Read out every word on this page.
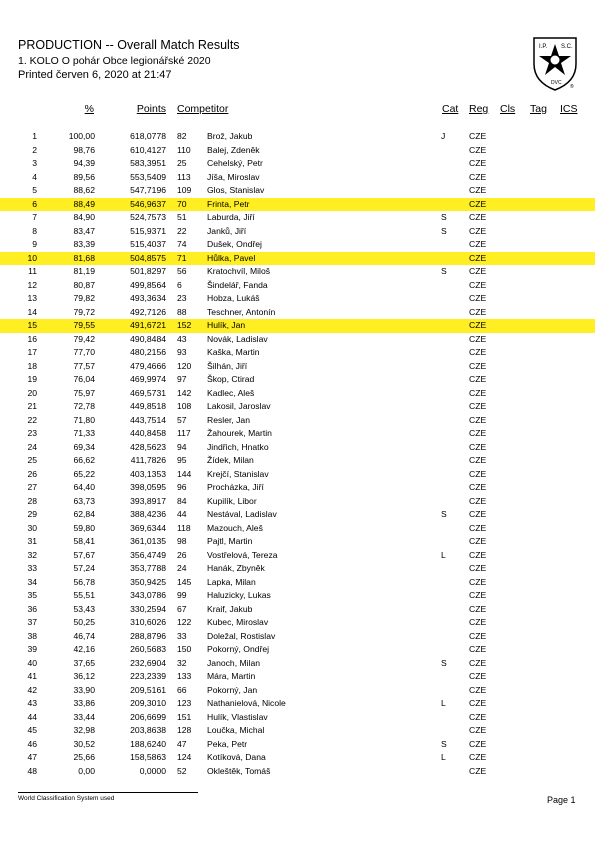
PRODUCTION -- Overall Match Results
1. KOLO O pohár Obce legionářské 2020
Printed červen 6, 2020 at 21:47
I.P. S.C.
DVC
®
%	Points Competitor	Cat Reg Cls Tag ICS
1	100,00	618,0778 82 Brož, Jakub	J	CZE
2	98,76	610,4127 110 Balej, Zdeněk	CZE
3	94,39	583,3951 25 Cehelský, Petr	CZE
4	89,56	553,5409 113 Jíša, Miroslav	CZE
5	88,62	547,7196 109 Glos, Stanislav	CZE
6	88,49	546,9637 70 Frinta, Petr	CZE
7	84,90	524,7573 51 Laburda, Jiří	S	CZE
8	83,47	515,9371 22 Janků, Jiří	S	CZE
9	83,39	515,4037 74 Dušek, Ondřej	CZE
10	81,68	504,8575 71 Hůlka, Pavel	CZE
11	81,19	501,8297 56 Kratochvíl, Miloš	S	CZE
12	80,87	499,8564 6	Šindelář, Fanda	CZE
13	79,82	493,3634 23 Hobza, Lukáš	CZE
14	79,72	492,7126 88 Teschner, Antonín	CZE
15	79,55	491,6721 152 Hulík, Jan	CZE
16	79,42	490,8484 43 Novák, Ladislav	CZE
17	77,70	480,2156 93 Kaška, Martin	CZE
18	77,57	479,4666 120 Šilhán, Jiří	CZE
19	76,04	469,9974 97 Škop, Ctirad	CZE
20	75,97	469,5731 142 Kadlec, Aleš	CZE
21	72,78	449,8518 108 Lakosil, Jaroslav	CZE
22	71,80	443,7514 57 Resler, Jan	CZE
23	71,33	440,8458 117 Žahourek, Martin	CZE
24	69,34	428,5623 94 Jindřich, Hnatko	CZE
25	66,62	411,7826 95 Žídek, Milan	CZE
26	65,22	403,1353 144 Krejčí, Stanislav	CZE
27	64,40	398,0595 96 Procházka, Jiří	CZE
28	63,73	393,8917 84 Kupilík, Libor	CZE
29	62,84	388,4236 44 Nestával, Ladislav	S	CZE
30	59,80	369,6344 118 Mazouch, Aleš	CZE
31	58,41	361,0135 98 Pajtl, Martin	CZE
32	57,67	356,4749 26 Vostřelová, Tereza	L	CZE
33	57,24	353,7788 24 Hanák, Zbyněk	CZE
34	56,78	350,9425 145 Lapka, Milan	CZE
35	55,51	343,0786 99 Haluzicky, Lukas	CZE
36	53,43	330,2594 67 Kraif, Jakub	CZE
37	50,25	310,6026 122 Kubec, Miroslav	CZE
38	46,74	288,8796 33 Doležal, Rostislav	CZE
39	42,16	260,5683 150 Pokorný, Ondřej	CZE
40	37,65	232,6904 32 Janoch, Milan	S	CZE
41	36,12	223,2339 133 Mára, Martin	CZE
42	33,90	209,5161 66 Pokorný, Jan	CZE
43	33,86	209,3010 123 Nathanielová, Nicole	L	CZE
44	33,44	206,6699 151 Hulík, Vlastislav	CZE
45	32,98	203,8638 128 Loučka, Michal	CZE
46	30,52	188,6240 47 Peka, Petr	S	CZE
47	25,66	158,5863 124 Kotíková, Dana	L	CZE
48	0,00	0,0000 52 Okleštěk, Tomáš	CZE
World Classification System used	Page 1
